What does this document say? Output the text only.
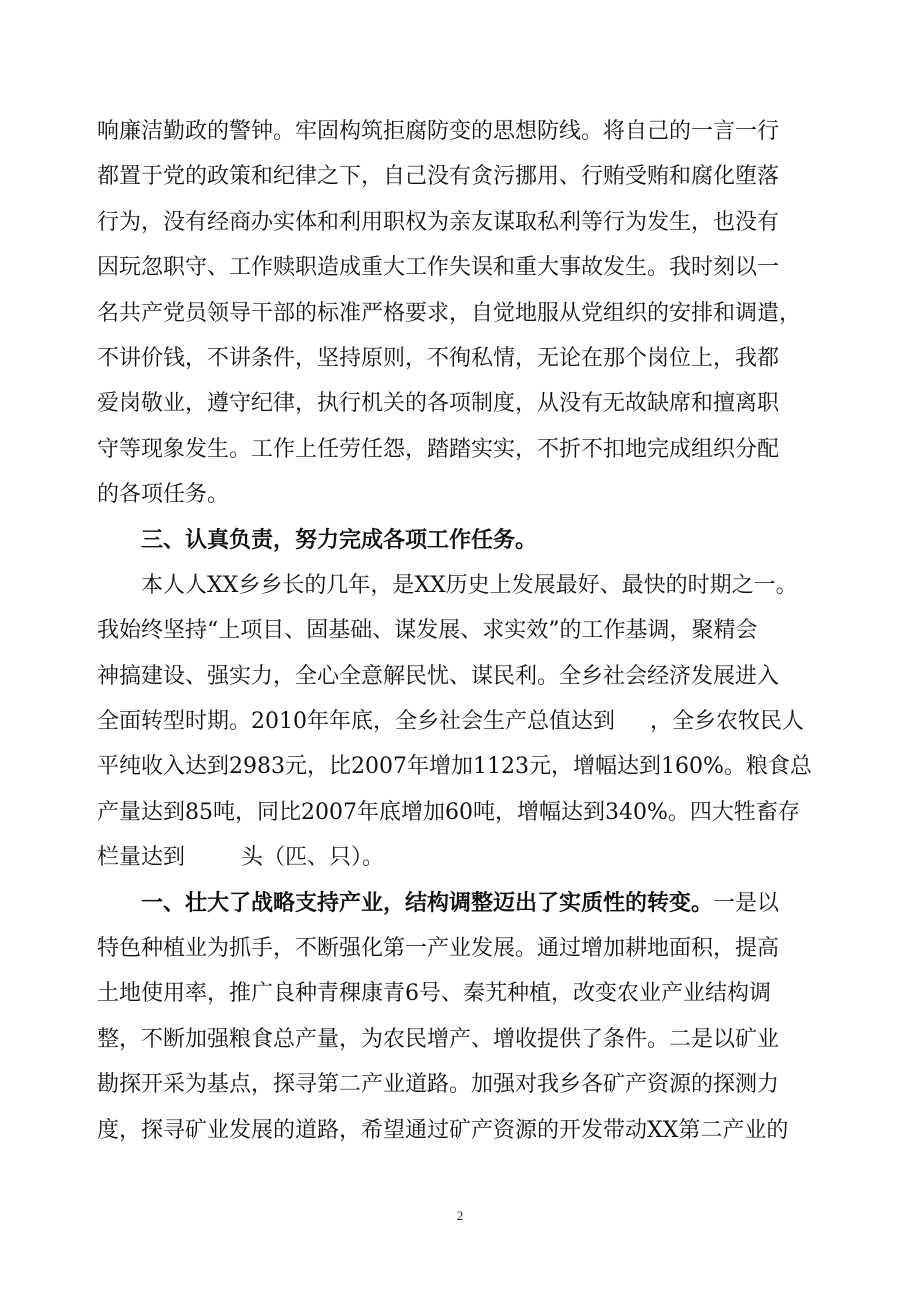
响廉洁勤政的警钟。牢固构筑拒腐防变的思想防线。将自己的一言一行
都置于党的政策和纪律之下，自己没有贪污挪用、行贿受贿和腐化堕落
行为，没有经商办实体和利用职权为亲友谋取私利等行为发生，也没有
因玩忽职守、工作赎职造成重大工作失误和重大事故发生。我时刻以一
名共产党员领导干部的标准严格要求，自觉地服从党组织的安排和调遣，
不讲价钱，不讲条件，坚持原则，不徇私情，无论在那个岗位上，我都
爱岗敬业，遵守纪律，执行机关的各项制度，从没有无故缺席和擅离职
守等现象发生。工作上任劳任怨，踏踏实实，不折不扣地完成组织分配
的各项任务。
三、认真负责，努力完成各项工作任务。
本人人XX乡乡长的几年，是XX历史上发展最好、最快的时期之一。
我始终坚持“上项目、固基础、谋发展、求实效”的工作基调，聚精会
神搞建设、强实力，全心全意解民忧、谋民利。全乡社会经济发展进入
全面转型时期。2010年年底，全乡社会生产总值达到     ，全乡农牧民人
平纯收入达到2983元，比2007年增加1123元，增幅达到160%。粮食总
产量达到85吨，同比2007年底增加60吨，增幅达到340%。四大牲畜存
栏量达到        头（匹、只）。
一、壮大了战略支持产业，结构调整迈出了实质性的转变。一是以
特色种植业为抓手，不断强化第一产业发展。通过增加耕地面积，提高
土地使用率，推广良种青稞康青6号、秦艽种植，改变农业产业结构调
整，不断加强粮食总产量，为农民增产、增收提供了条件。二是以矿业
勘探开采为基点，探寻第二产业道路。加强对我乡各矿产资源的探测力
度，探寻矿业发展的道路，希望通过矿产资源的开发带动XX第二产业的
2
